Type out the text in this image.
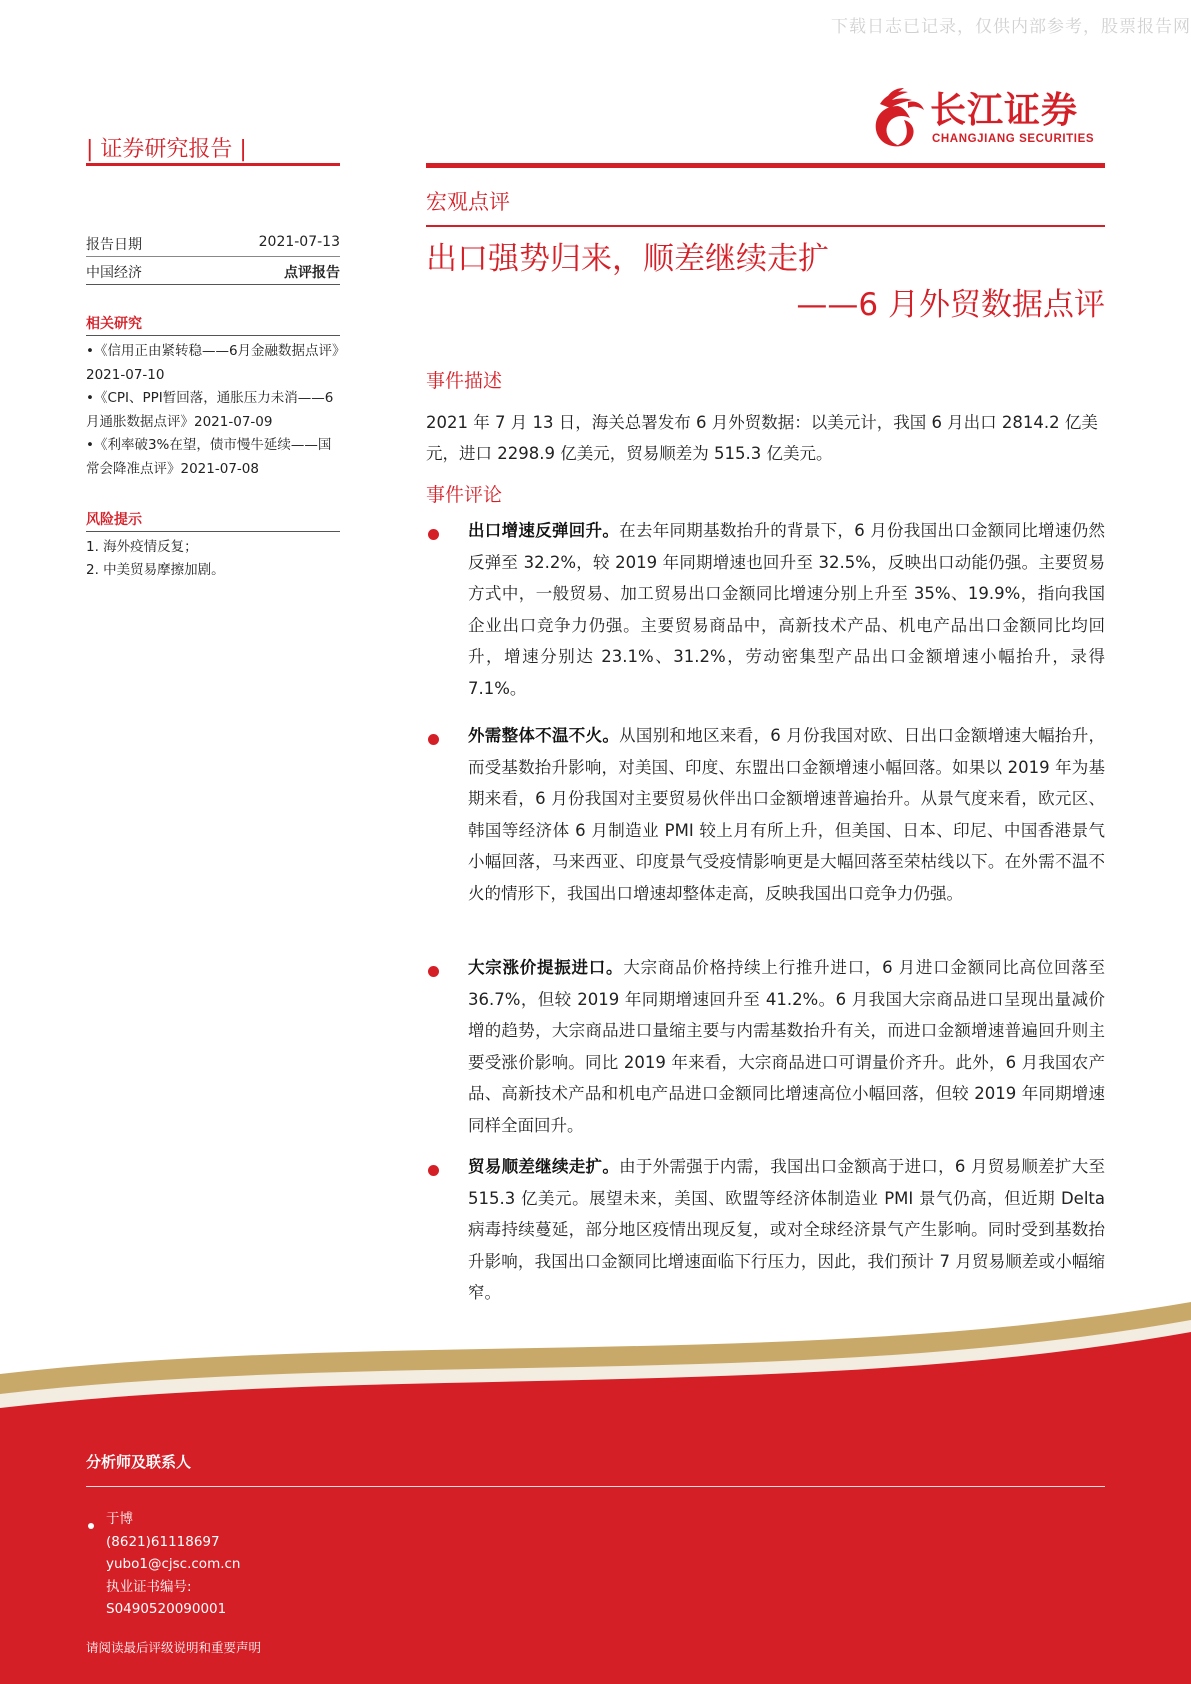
下载日志已记录，仅供内部参考，股票报告网
长江证券
CHANGJIANG SECURITIES
| 证券研究报告 |
报告日期	2021-07-13
中国经济	点评报告
相关研究
•《信用正由紧转稳——6月金融数据点评》2021-07-10
•《CPI、PPI暂回落，通胀压力未消——6月通胀数据点评》2021-07-09
•《利率破3%在望，债市慢牛延续——国常会降准点评》2021-07-08
风险提示
1. 海外疫情反复；
2. 中美贸易摩擦加剧。
宏观点评
出口强势归来，顺差继续走扩
——6 月外贸数据点评
事件描述
2021 年 7 月 13 日，海关总署发布 6 月外贸数据：以美元计，我国 6 月出口 2814.2 亿美元，进口 2298.9 亿美元，贸易顺差为 515.3 亿美元。
事件评论
出口增速反弹回升。在去年同期基数抬升的背景下，6 月份我国出口金额同比增速仍然反弹至 32.2%，较 2019 年同期增速也回升至 32.5%，反映出口动能仍强。主要贸易方式中，一般贸易、加工贸易出口金额同比增速分别上升至 35%、19.9%，指向我国企业出口竞争力仍强。主要贸易商品中，高新技术产品、机电产品出口金额同比均回升，增速分别达 23.1%、31.2%，劳动密集型产品出口金额增速小幅抬升，录得 7.1%。
外需整体不温不火。从国别和地区来看，6 月份我国对欧、日出口金额增速大幅抬升，而受基数抬升影响，对美国、印度、东盟出口金额增速小幅回落。如果以 2019 年为基期来看，6 月份我国对主要贸易伙伴出口金额增速普遍抬升。从景气度来看，欧元区、韩国等经济体 6 月制造业 PMI 较上月有所上升，但美国、日本、印尼、中国香港景气小幅回落，马来西亚、印度景气受疫情影响更是大幅回落至荣枯线以下。在外需不温不火的情形下，我国出口增速却整体走高，反映我国出口竞争力仍强。
大宗涨价提振进口。大宗商品价格持续上行推升进口，6 月进口金额同比高位回落至 36.7%，但较 2019 年同期增速回升至 41.2%。6 月我国大宗商品进口呈现出量减价增的趋势，大宗商品进口量缩主要与内需基数抬升有关，而进口金额增速普遍回升则主要受涨价影响。同比 2019 年来看，大宗商品进口可谓量价齐升。此外，6 月我国农产品、高新技术产品和机电产品进口金额同比增速高位小幅回落，但较 2019 年同期增速同样全面回升。
贸易顺差继续走扩。由于外需强于内需，我国出口金额高于进口，6 月贸易顺差扩大至 515.3 亿美元。展望未来，美国、欧盟等经济体制造业 PMI 景气仍高，但近期 Delta 病毒持续蔓延，部分地区疫情出现反复，或对全球经济景气产生影响。同时受到基数抬升影响，我国出口金额同比增速面临下行压力，因此，我们预计 7 月贸易顺差或小幅缩窄。
分析师及联系人
于博
(8621)61118697
yubo1@cjsc.com.cn
执业证书编号:
S0490520090001
请阅读最后评级说明和重要声明
